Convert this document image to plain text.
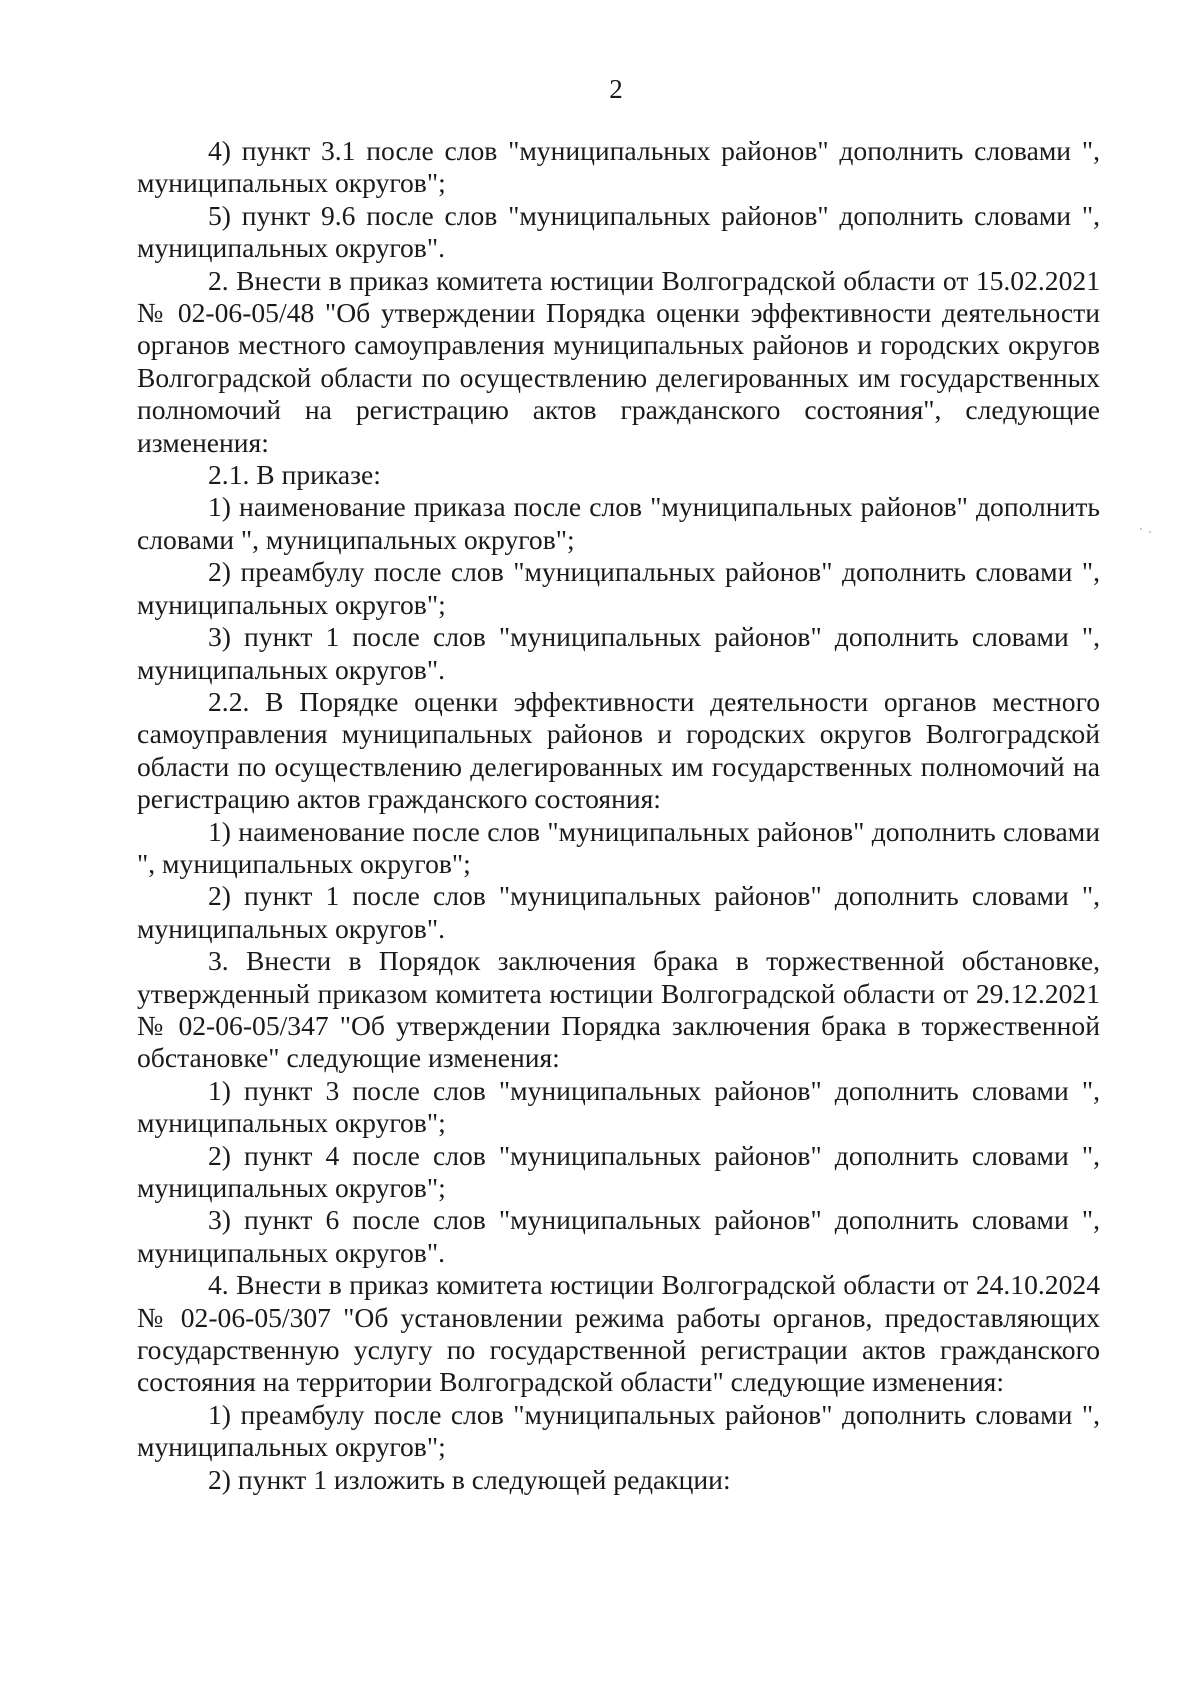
2

4) пункт 3.1 после слов "муниципальных районов" дополнить словами ", муниципальных округов";

5) пункт 9.6 после слов "муниципальных районов" дополнить словами ", муниципальных округов".

2. Внести в приказ комитета юстиции Волгоградской области от 15.02.2021 № 02-06-05/48 "Об утверждении Порядка оценки эффективности деятельности органов местного самоуправления муниципальных районов и городских округов Волгоградской области по осуществлению делегированных им государственных полномочий на регистрацию актов гражданского состояния", следующие изменения:

2.1. В приказе:

1) наименование приказа после слов "муниципальных районов" дополнить словами ", муниципальных округов";

2) преамбулу после слов "муниципальных районов" дополнить словами ", муниципальных округов";

3) пункт 1 после слов "муниципальных районов" дополнить словами ", муниципальных округов".

2.2. В Порядке оценки эффективности деятельности органов местного самоуправления муниципальных районов и городских округов Волгоградской области по осуществлению делегированных им государственных полномочий на регистрацию актов гражданского состояния:

1) наименование после слов "муниципальных районов" дополнить словами ", муниципальных округов";

2) пункт 1 после слов "муниципальных районов" дополнить словами ", муниципальных округов".

3. Внести в Порядок заключения брака в торжественной обстановке, утвержденный приказом комитета юстиции Волгоградской области от 29.12.2021 № 02-06-05/347 "Об утверждении Порядка заключения брака в торжественной обстановке" следующие изменения:

1) пункт 3 после слов "муниципальных районов" дополнить словами ", муниципальных округов";

2) пункт 4 после слов "муниципальных районов" дополнить словами ", муниципальных округов";

3) пункт 6 после слов "муниципальных районов" дополнить словами ", муниципальных округов".

4. Внести в приказ комитета юстиции Волгоградской области от 24.10.2024 № 02-06-05/307 "Об установлении режима работы органов, предоставляющих государственную услугу по государственной регистрации актов гражданского состояния на территории Волгоградской области" следующие изменения:

1) преамбулу после слов "муниципальных районов" дополнить словами ", муниципальных округов";

2) пункт 1 изложить в следующей редакции:
